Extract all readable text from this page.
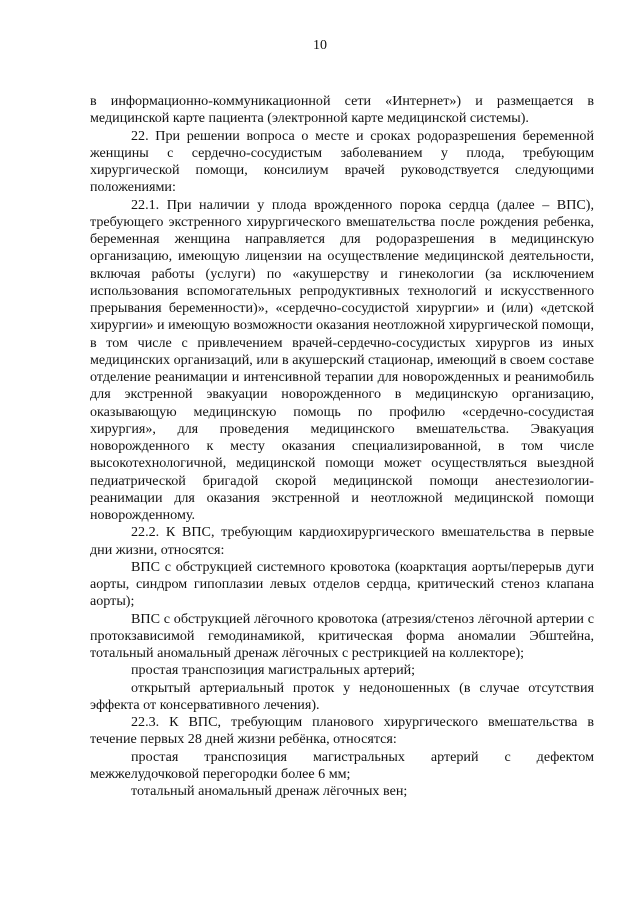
10

в информационно-коммуникационной сети «Интернет») и размещается в медицинской карте пациента (электронной карте медицинской системы).

22. При решении вопроса о месте и сроках родоразрешения беременной женщины с сердечно-сосудистым заболеванием у плода, требующим хирургической помощи, консилиум врачей руководствуется следующими положениями:

22.1. При наличии у плода врожденного порока сердца (далее – ВПС), требующего экстренного хирургического вмешательства после рождения ребенка, беременная женщина направляется для родоразрешения в медицинскую организацию, имеющую лицензии на осуществление медицинской деятельности, включая работы (услуги) по «акушерству и гинекологии (за исключением использования вспомогательных репродуктивных технологий и искусственного прерывания беременности)», «сердечно-сосудистой хирургии» и (или) «детской хирургии» и имеющую возможности оказания неотложной хирургической помощи, в том числе с привлечением врачей-сердечно-сосудистых хирургов из иных медицинских организаций, или в акушерский стационар, имеющий в своем составе отделение реанимации и интенсивной терапии для новорожденных и реанимобиль для экстренной эвакуации новорожденного в медицинскую организацию, оказывающую медицинскую помощь по профилю «сердечно-сосудистая хирургия», для проведения медицинского вмешательства. Эвакуация новорожденного к месту оказания специализированной, в том числе высокотехнологичной, медицинской помощи может осуществляться выездной педиатрической бригадой скорой медицинской помощи анестезиологии-реанимации для оказания экстренной и неотложной медицинской помощи новорожденному.

22.2. К ВПС, требующим кардиохирургического вмешательства в первые дни жизни, относятся:

ВПС с обструкцией системного кровотока (коарктация аорты/перерыв дуги аорты, синдром гипоплазии левых отделов сердца, критический стеноз клапана аорты);

ВПС с обструкцией лёгочного кровотока (атрезия/стеноз лёгочной артерии с протокзависимой гемодинамикой, критическая форма аномалии Эбштейна, тотальный аномальный дренаж лёгочных с рестрикцией на коллекторе);

простая транспозиция магистральных артерий;

открытый артериальный проток у недоношенных (в случае отсутствия эффекта от консервативного лечения).

22.3. К ВПС, требующим планового хирургического вмешательства в течение первых 28 дней жизни ребёнка, относятся:

простая транспозиция магистральных артерий с дефектом межжелудочковой перегородки более 6 мм;

тотальный аномальный дренаж лёгочных вен;
